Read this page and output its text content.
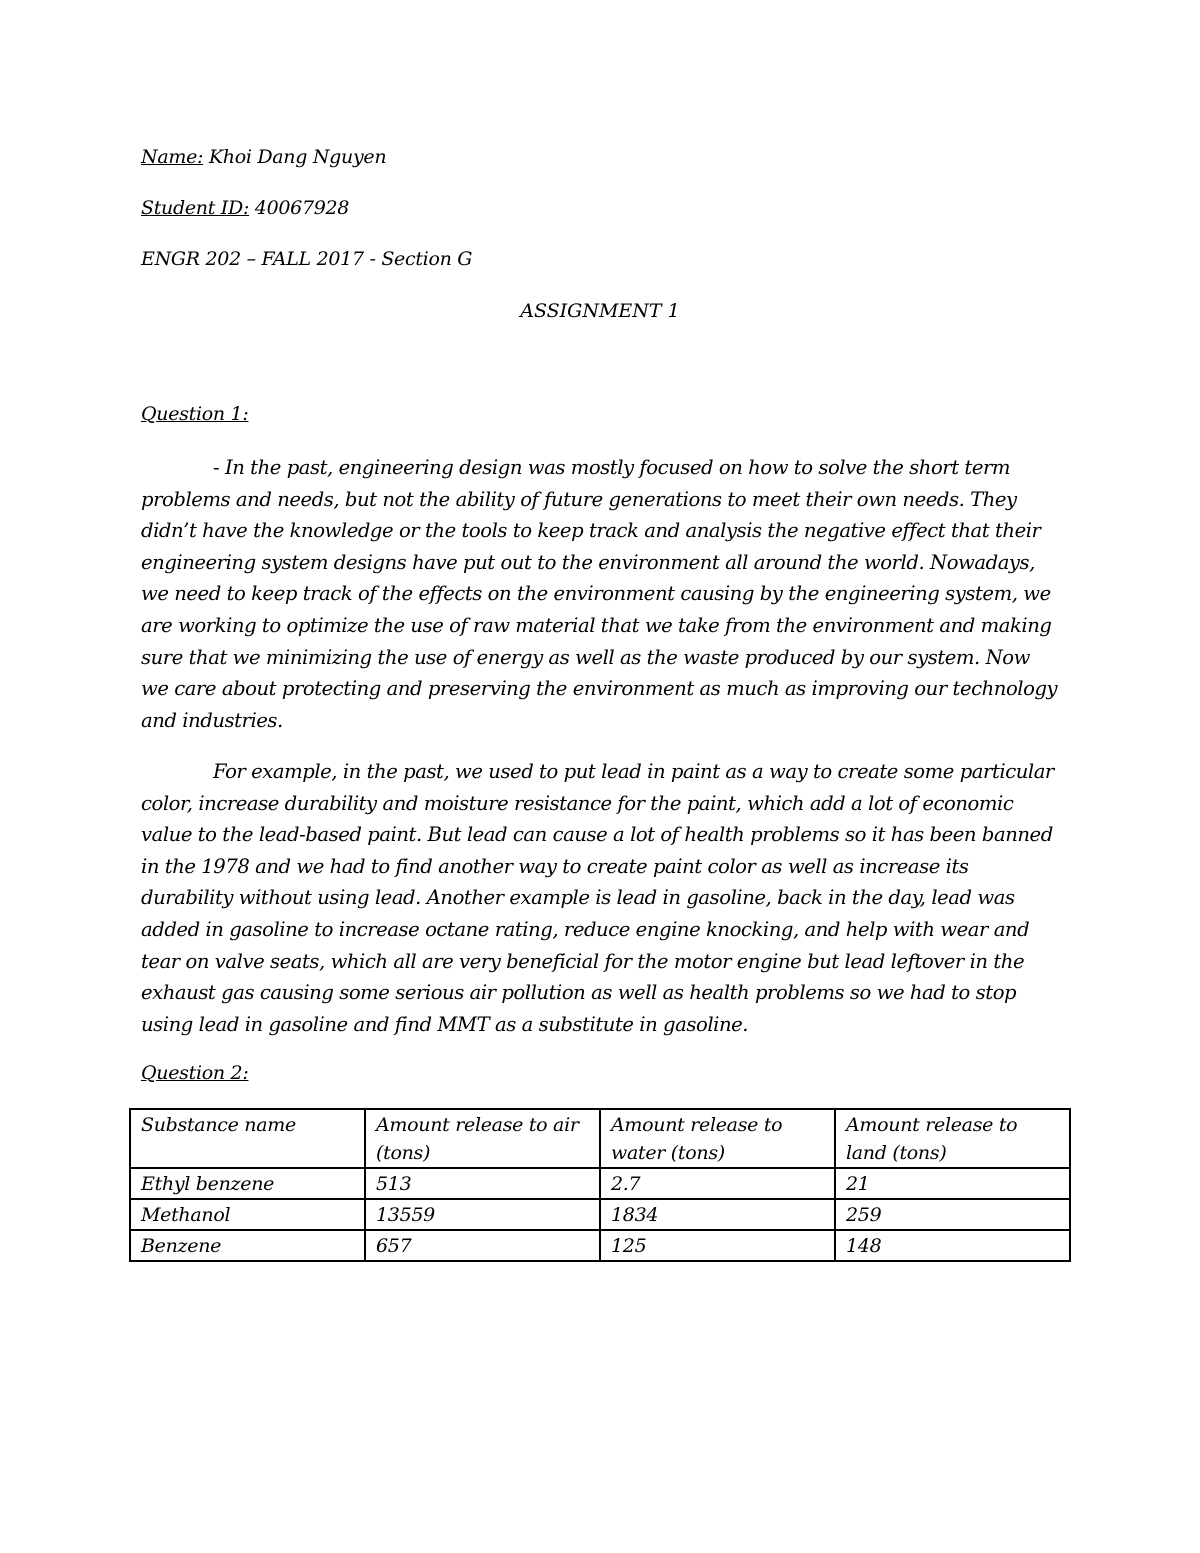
Name: Khoi Dang Nguyen
Student ID: 40067928
ENGR 202 – FALL 2017 - Section G
ASSIGNMENT 1
Question 1:

- In the past, engineering design was mostly focused on how to solve the short term problems and needs, but not the ability of future generations to meet their own needs. They didn’t have the knowledge or the tools to keep track and analysis the negative effect that their engineering system designs have put out to the environment all around the world. Nowadays, we need to keep track of the effects on the environment causing by the engineering system, we are working to optimize the use of raw material that we take from the environment and making sure that we minimizing the use of energy as well as the waste produced by our system. Now we care about protecting and preserving the environment as much as improving our technology and industries.

For example, in the past, we used to put lead in paint as a way to create some particular color, increase durability and moisture resistance for the paint, which add a lot of economic value to the lead-based paint. But lead can cause a lot of health problems so it has been banned in the 1978 and we had to find another way to create paint color as well as increase its durability without using lead. Another example is lead in gasoline, back in the day, lead was added in gasoline to increase octane rating, reduce engine knocking, and help with wear and tear on valve seats, which all are very beneficial for the motor engine but lead leftover in the exhaust gas causing some serious air pollution as well as health problems so we had to stop using lead in gasoline and find MMT as a substitute in gasoline.

Question 2:
Substance name	Amount release to air (tons)	Amount release to water (tons)	Amount release to land (tons)
Ethyl benzene	513	2.7	21
Methanol	13559	1834	259
Benzene	657	125	148
